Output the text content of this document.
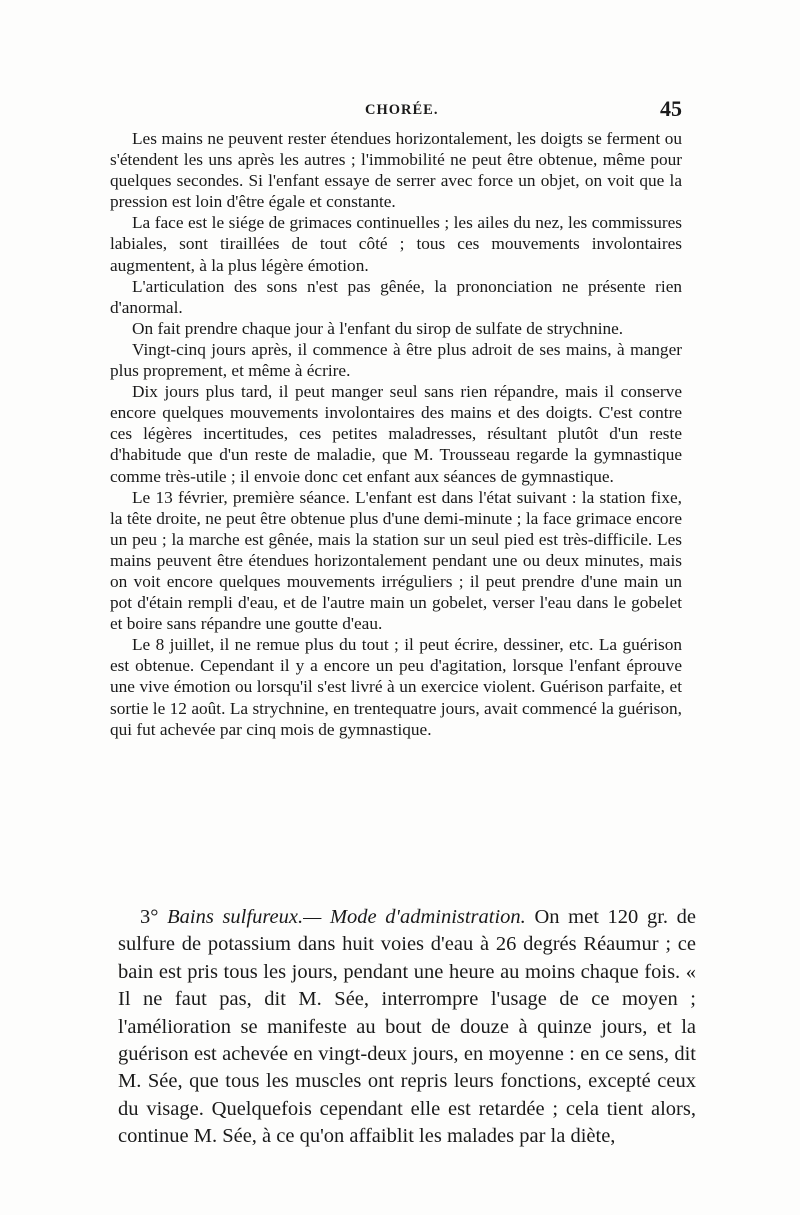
CHORÉE.	45

Les mains ne peuvent rester étendues horizontalement, les doigts se ferment ou s'étendent les uns après les autres ; l'immobilité ne peut être obtenue, même pour quelques secondes. Si l'enfant essaye de serrer avec force un objet, on voit que la pression est loin d'être égale et constante.

La face est le siége de grimaces continuelles ; les ailes du nez, les commissures labiales, sont tiraillées de tout côté ; tous ces mouvements involontaires augmentent, à la plus légère émotion.

L'articulation des sons n'est pas gênée, la prononciation ne présente rien d'anormal.

On fait prendre chaque jour à l'enfant du sirop de sulfate de strychnine.

Vingt-cinq jours après, il commence à être plus adroit de ses mains, à manger plus proprement, et même à écrire.

Dix jours plus tard, il peut manger seul sans rien répandre, mais il conserve encore quelques mouvements involontaires des mains et des doigts. C'est contre ces légères incertitudes, ces petites maladresses, résultant plutôt d'un reste d'habitude que d'un reste de maladie, que M. Trousseau regarde la gymnastique comme très-utile ; il envoie donc cet enfant aux séances de gymnastique.

Le 13 février, première séance. L'enfant est dans l'état suivant : la station fixe, la tête droite, ne peut être obtenue plus d'une demi-minute ; la face grimace encore un peu ; la marche est gênée, mais la station sur un seul pied est très-difficile. Les mains peuvent être étendues horizontalement pendant une ou deux minutes, mais on voit encore quelques mouvements irréguliers ; il peut prendre d'une main un pot d'étain rempli d'eau, et de l'autre main un gobelet, verser l'eau dans le gobelet et boire sans répandre une goutte d'eau.

Le 8 juillet, il ne remue plus du tout ; il peut écrire, dessiner, etc. La guérison est obtenue. Cependant il y a encore un peu d'agitation, lorsque l'enfant éprouve une vive émotion ou lorsqu'il s'est livré à un exercice violent. Guérison parfaite, et sortie le 12 août. La strychnine, en trentequatre jours, avait commencé la guérison, qui fut achevée par cinq mois de gymnastique.

3° Bains sulfureux.— Mode d'administration. On met 120 gr. de sulfure de potassium dans huit voies d'eau à 26 degrés Réaumur ; ce bain est pris tous les jours, pendant une heure au moins chaque fois. « Il ne faut pas, dit M. Sée, interrompre l'usage de ce moyen ; l'amélioration se manifeste au bout de douze à quinze jours, et la guérison est achevée en vingt-deux jours, en moyenne : en ce sens, dit M. Sée, que tous les muscles ont repris leurs fonctions, excepté ceux du visage. Quelquefois cependant elle est retardée ; cela tient alors, continue M. Sée, à ce qu'on affaiblit les malades par la diète,
